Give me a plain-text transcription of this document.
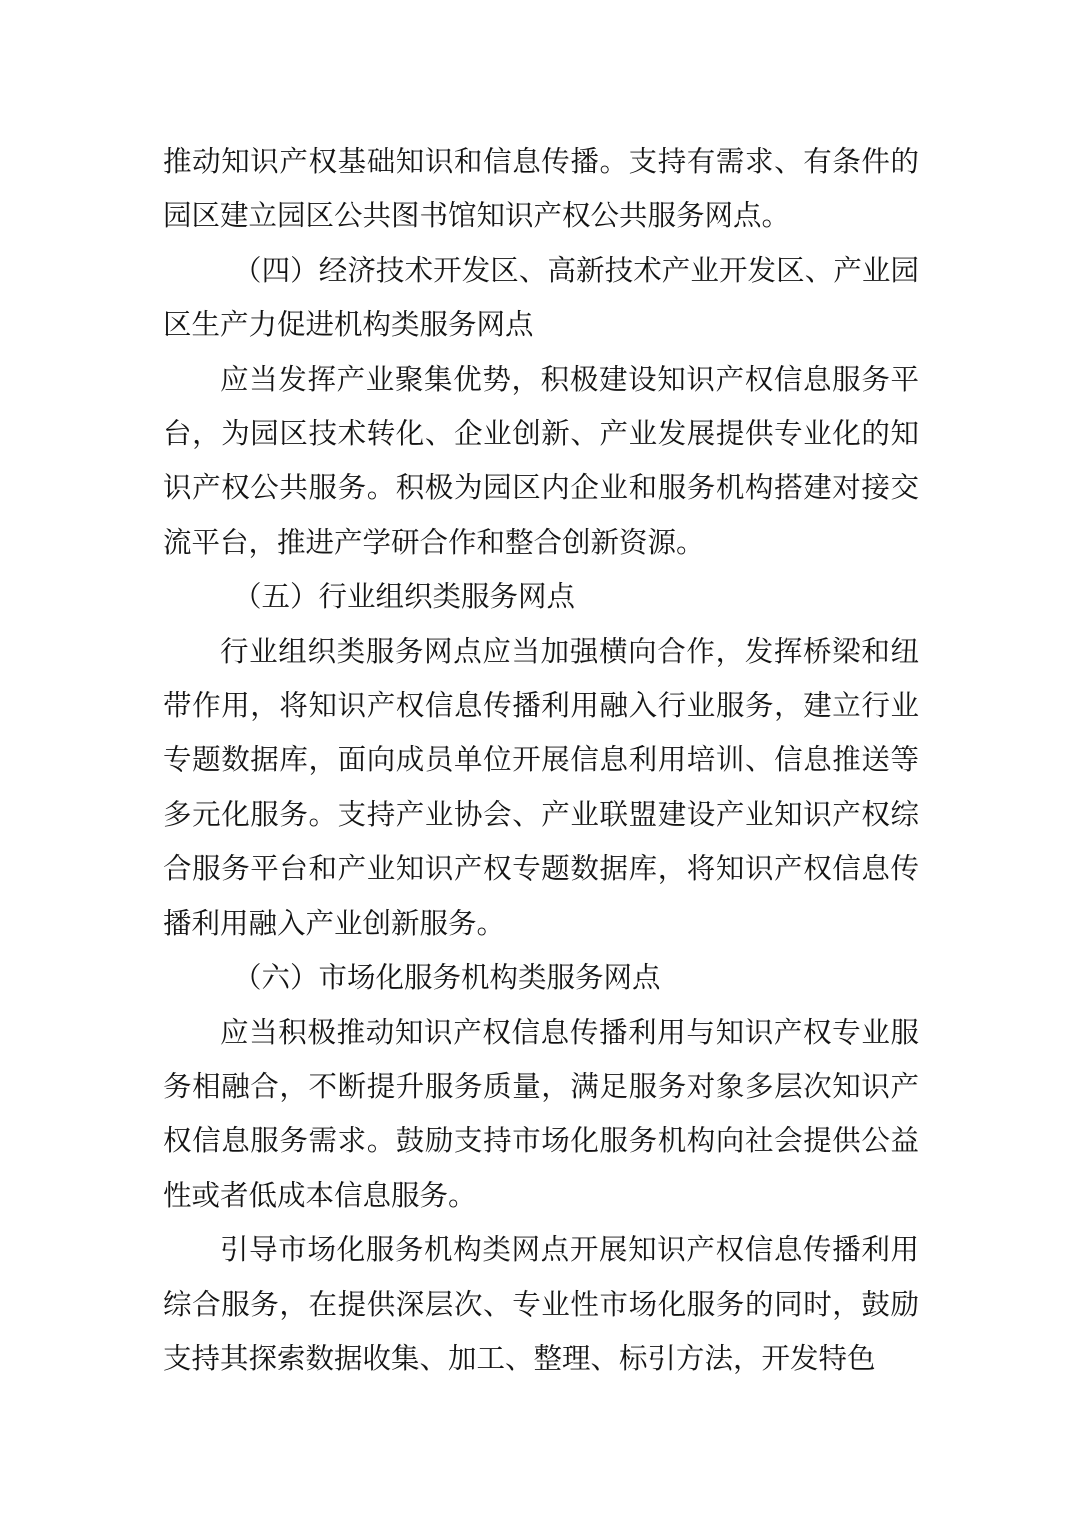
推动知识产权基础知识和信息传播。支持有需求、有条件的园区建立园区公共图书馆知识产权公共服务网点。

（四）经济技术开发区、高新技术产业开发区、产业园区生产力促进机构类服务网点

应当发挥产业聚集优势，积极建设知识产权信息服务平台，为园区技术转化、企业创新、产业发展提供专业化的知识产权公共服务。积极为园区内企业和服务机构搭建对接交流平台，推进产学研合作和整合创新资源。

（五）行业组织类服务网点

行业组织类服务网点应当加强横向合作，发挥桥梁和纽带作用，将知识产权信息传播利用融入行业服务，建立行业专题数据库，面向成员单位开展信息利用培训、信息推送等多元化服务。支持产业协会、产业联盟建设产业知识产权综合服务平台和产业知识产权专题数据库，将知识产权信息传播利用融入产业创新服务。

（六）市场化服务机构类服务网点

应当积极推动知识产权信息传播利用与知识产权专业服务相融合，不断提升服务质量，满足服务对象多层次知识产权信息服务需求。鼓励支持市场化服务机构向社会提供公益性或者低成本信息服务。

引导市场化服务机构类网点开展知识产权信息传播利用综合服务，在提供深层次、专业性市场化服务的同时，鼓励支持其探索数据收集、加工、整理、标引方法，开发特色
